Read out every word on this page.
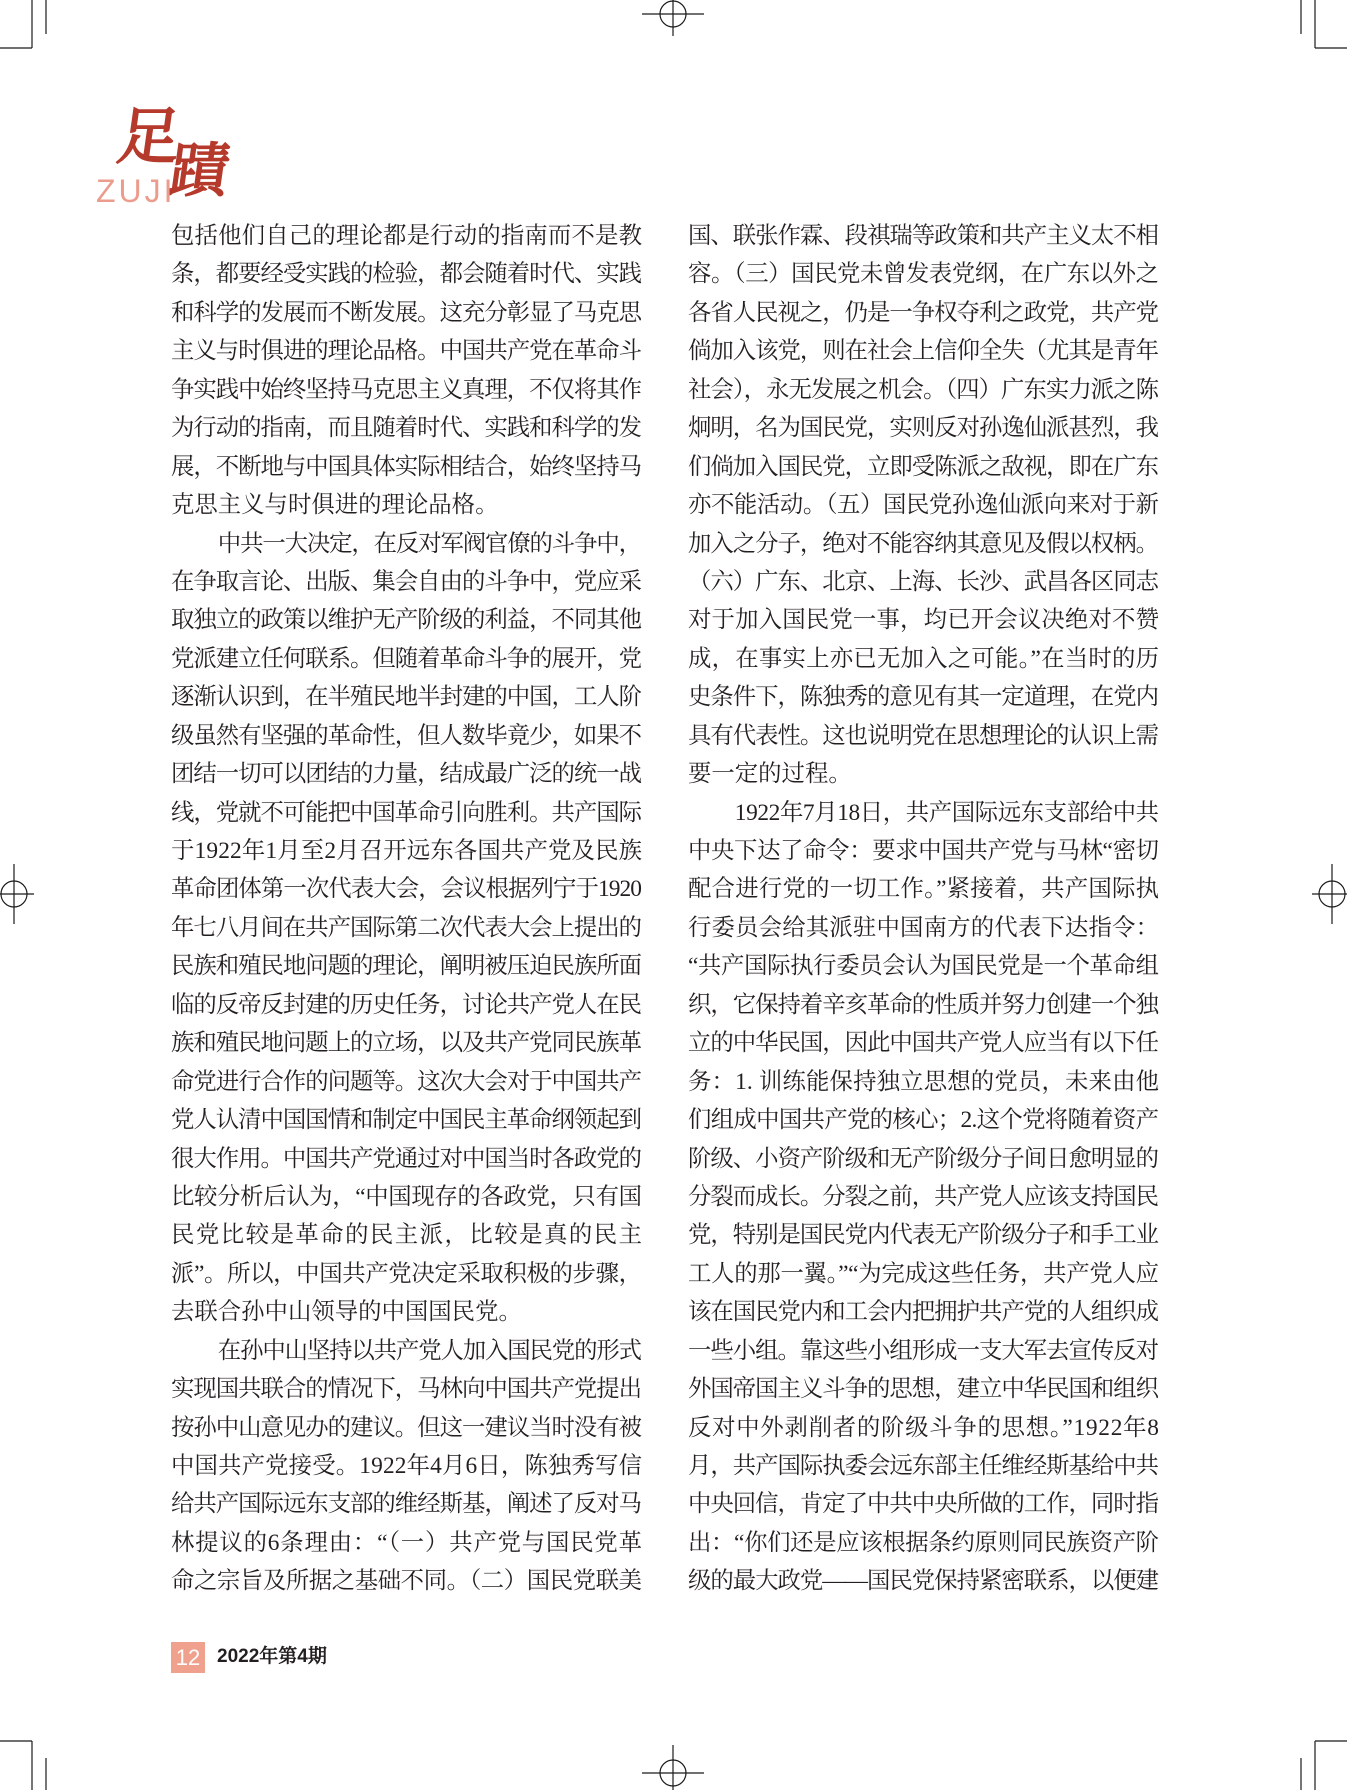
足
蹟
ZUJI
包括他们自己的理论都是行动的指南而不是教
条，都要经受实践的检验，都会随着时代、实践
和科学的发展而不断发展。这充分彰显了马克思
主义与时俱进的理论品格。中国共产党在革命斗
争实践中始终坚持马克思主义真理，不仅将其作
为行动的指南，而且随着时代、实践和科学的发
展，不断地与中国具体实际相结合，始终坚持马
克思主义与时俱进的理论品格。
中共一大决定，在反对军阀官僚的斗争中，
在争取言论、出版、集会自由的斗争中，党应采
取独立的政策以维护无产阶级的利益，不同其他
党派建立任何联系。但随着革命斗争的展开，党
逐渐认识到，在半殖民地半封建的中国，工人阶
级虽然有坚强的革命性，但人数毕竟少，如果不
团结一切可以团结的力量，结成最广泛的统一战
线，党就不可能把中国革命引向胜利。共产国际
于1922年1月至2月召开远东各国共产党及民族
革命团体第一次代表大会，会议根据列宁于1920
年七八月间在共产国际第二次代表大会上提出的
民族和殖民地问题的理论，阐明被压迫民族所面
临的反帝反封建的历史任务，讨论共产党人在民
族和殖民地问题上的立场，以及共产党同民族革
命党进行合作的问题等。这次大会对于中国共产
党人认清中国国情和制定中国民主革命纲领起到
很大作用。中国共产党通过对中国当时各政党的
比较分析后认为，“中国现存的各政党，只有国
民党比较是革命的民主派，比较是真的民主
派”。所以，中国共产党决定采取积极的步骤，
去联合孙中山领导的中国国民党。
在孙中山坚持以共产党人加入国民党的形式
实现国共联合的情况下，马林向中国共产党提出
按孙中山意见办的建议。但这一建议当时没有被
中国共产党接受。1922年4月6日，陈独秀写信
给共产国际远东支部的维经斯基，阐述了反对马
林提议的6条理由：“（一）共产党与国民党革
命之宗旨及所据之基础不同。（二）国民党联美
国、联张作霖、段祺瑞等政策和共产主义太不相
容。（三）国民党未曾发表党纲，在广东以外之
各省人民视之，仍是一争权夺利之政党，共产党
倘加入该党，则在社会上信仰全失（尤其是青年
社会），永无发展之机会。（四）广东实力派之陈
炯明，名为国民党，实则反对孙逸仙派甚烈，我
们倘加入国民党，立即受陈派之敌视，即在广东
亦不能活动。（五）国民党孙逸仙派向来对于新
加入之分子，绝对不能容纳其意见及假以权柄。
（六）广东、北京、上海、长沙、武昌各区同志
对于加入国民党一事，均已开会议决绝对不赞
成，在事实上亦已无加入之可能。”在当时的历
史条件下，陈独秀的意见有其一定道理，在党内
具有代表性。这也说明党在思想理论的认识上需
要一定的过程。
1922年7月18日，共产国际远东支部给中共
中央下达了命令：要求中国共产党与马林“密切
配合进行党的一切工作。”紧接着，共产国际执
行委员会给其派驻中国南方的代表下达指令：
“共产国际执行委员会认为国民党是一个革命组
织，它保持着辛亥革命的性质并努力创建一个独
立的中华民国，因此中国共产党人应当有以下任
务：1. 训练能保持独立思想的党员，未来由他
们组成中国共产党的核心；2.这个党将随着资产
阶级、小资产阶级和无产阶级分子间日愈明显的
分裂而成长。分裂之前，共产党人应该支持国民
党，特别是国民党内代表无产阶级分子和手工业
工人的那一翼。”“为完成这些任务，共产党人应
该在国民党内和工会内把拥护共产党的人组织成
一些小组。靠这些小组形成一支大军去宣传反对
外国帝国主义斗争的思想，建立中华民国和组织
反对中外剥削者的阶级斗争的思想。”1922年8
月，共产国际执委会远东部主任维经斯基给中共
中央回信，肯定了中共中央所做的工作，同时指
出：“你们还是应该根据条约原则同民族资产阶
级的最大政党——国民党保持紧密联系，以便建
12 2022年第4期
